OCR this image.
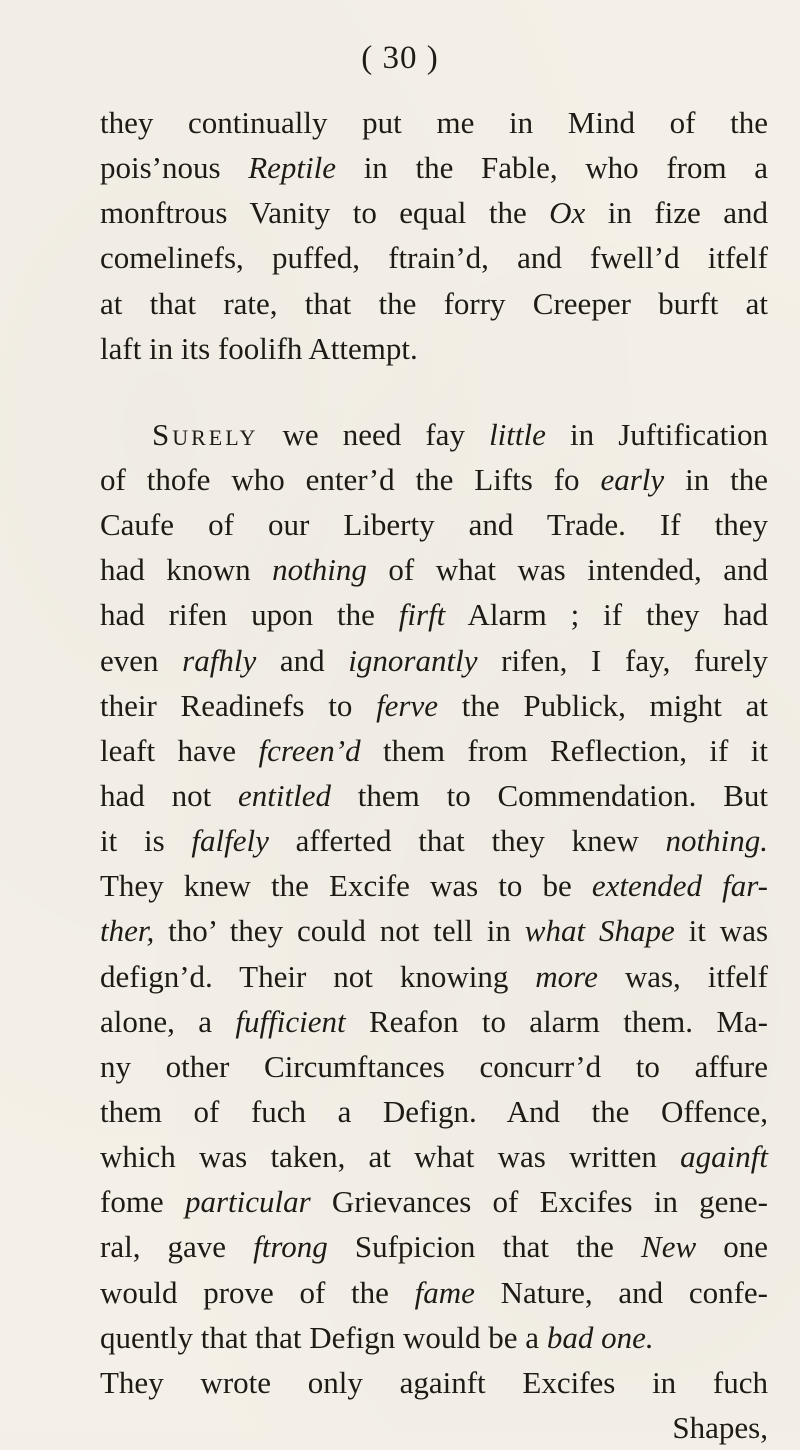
( 30 )
they continually put me in Mind of the
pois’nous Reptile in the Fable, who from a
monftrous Vanity to equal the Ox in fize and
comelinefs, puffed, ftrain’d, and fwell’d itfelf
at that rate, that the forry Creeper burft at
laft in its foolifh Attempt.
Surely we need fay little in Juftification
of thofe who enter’d the Lifts fo early in the
Caufe of our Liberty and Trade. If they
had known nothing of what was intended, and
had rifen upon the firft Alarm ; if they had
even rafhly and ignorantly rifen, I fay, furely
their Readinefs to ferve the Publick, might at
leaft have fcreen’d them from Reflection, if it
had not entitled them to Commendation. But
it is falfely afferted that they knew nothing.
They knew the Excife was to be extended far-
ther, tho’ they could not tell in what Shape it was
defign’d. Their not knowing more was, itfelf
alone, a fufficient Reafon to alarm them. Ma-
ny other Circumftances concurr’d to affure
them of fuch a Defign. And the Offence,
which was taken, at what was written againft
fome particular Grievances of Excifes in gene-
ral, gave ftrong Sufpicion that the New one
would prove of the fame Nature, and confe-
quently that that Defign would be a bad one.
They wrote only againft Excifes in fuch
Shapes,
